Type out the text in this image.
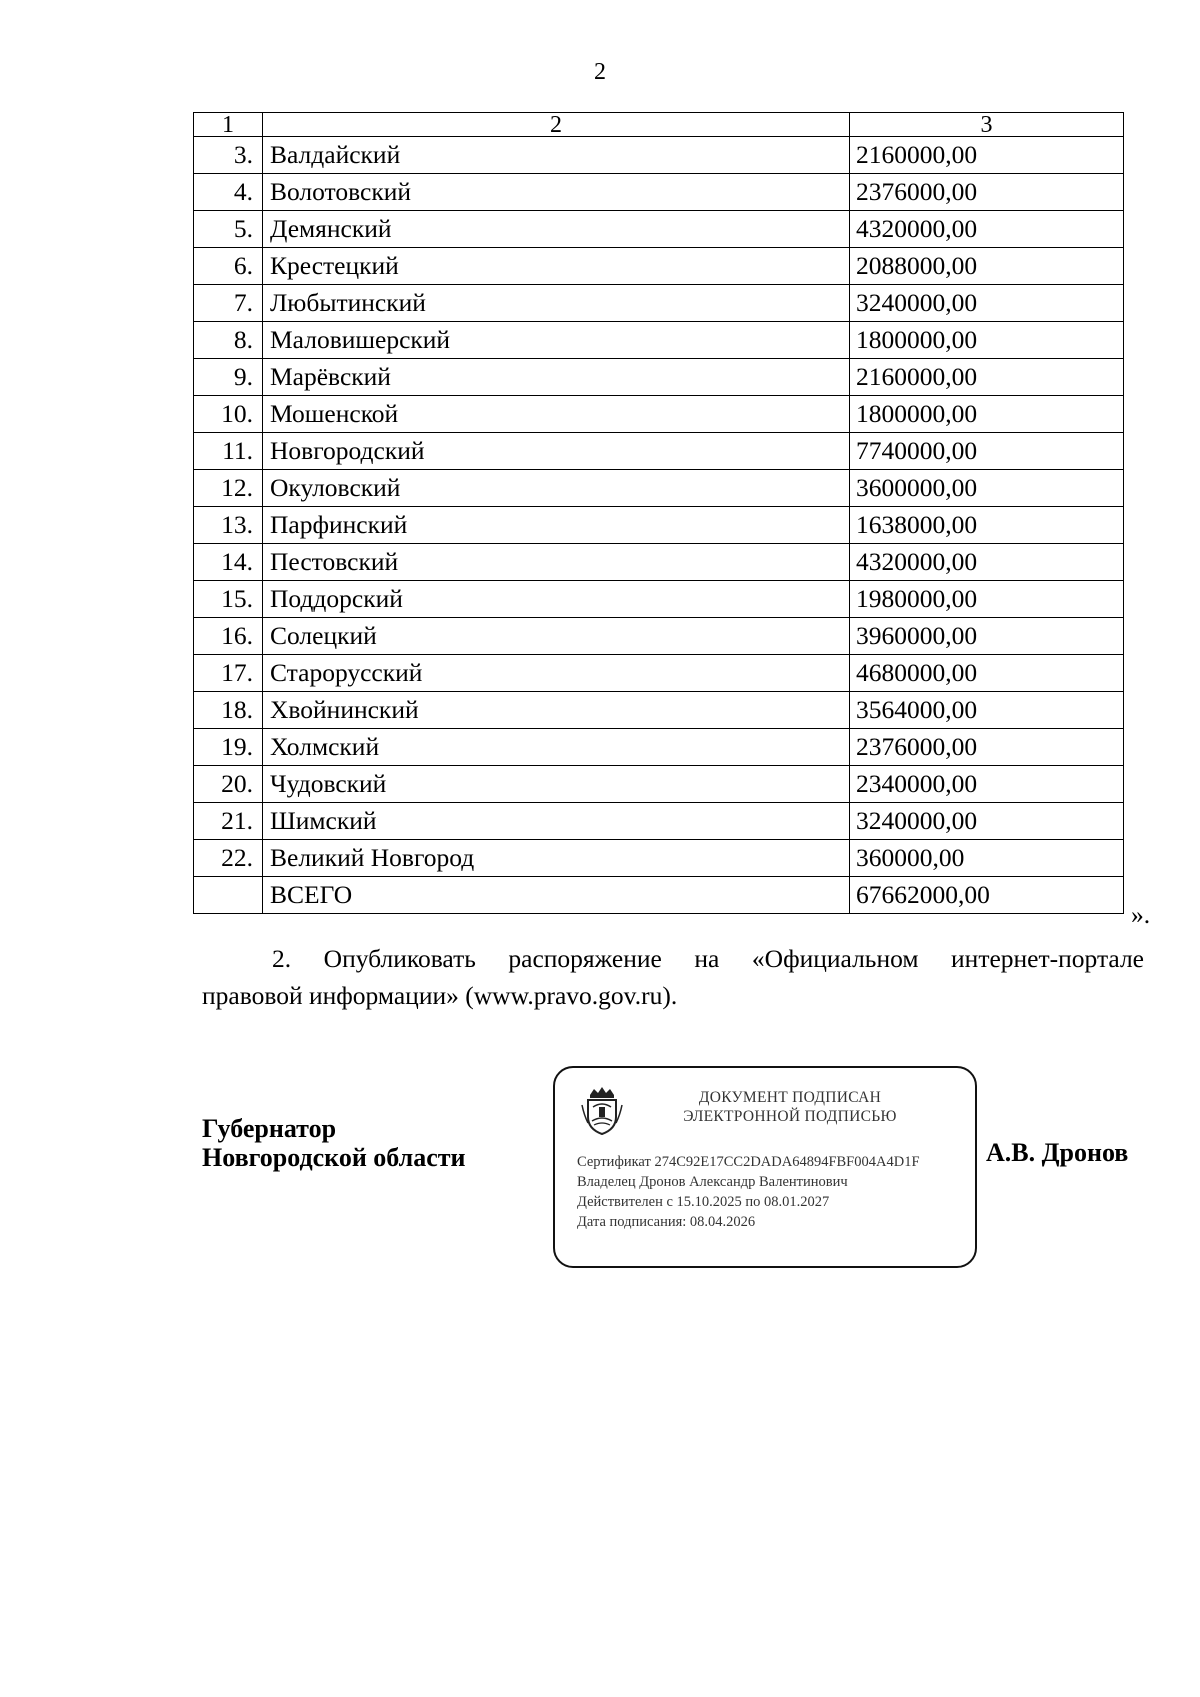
2
1	2	3
3.	Валдайский	2160000,00
4.	Волотовский	2376000,00
5.	Демянский	4320000,00
6.	Крестецкий	2088000,00
7.	Любытинский	3240000,00
8.	Маловишерский	1800000,00
9.	Марёвский	2160000,00
10.	Мошенской	1800000,00
11.	Новгородский	7740000,00
12.	Окуловский	3600000,00
13.	Парфинский	1638000,00
14.	Пестовский	4320000,00
15.	Поддорский	1980000,00
16.	Солецкий	3960000,00
17.	Старорусский	4680000,00
18.	Хвойнинский	3564000,00
19.	Холмский	2376000,00
20.	Чудовский	2340000,00
21.	Шимский	3240000,00
22.	Великий Новгород	360000,00
	ВСЕГО	67662000,00
».
2. Опубликовать распоряжение на «Официальном интернет-портале
правовой информации» (www.pravo.gov.ru).
Губернатор
Новгородской области
ДОКУМЕНТ ПОДПИСАН
ЭЛЕКТРОННОЙ ПОДПИСЬЮ
Сертификат 274C92E17CC2DADA64894FBF004A4D1F
Владелец Дронов Александр Валентинович
Действителен с 15.10.2025 по 08.01.2027
Дата подписания: 08.04.2026
А.В. Дронов
